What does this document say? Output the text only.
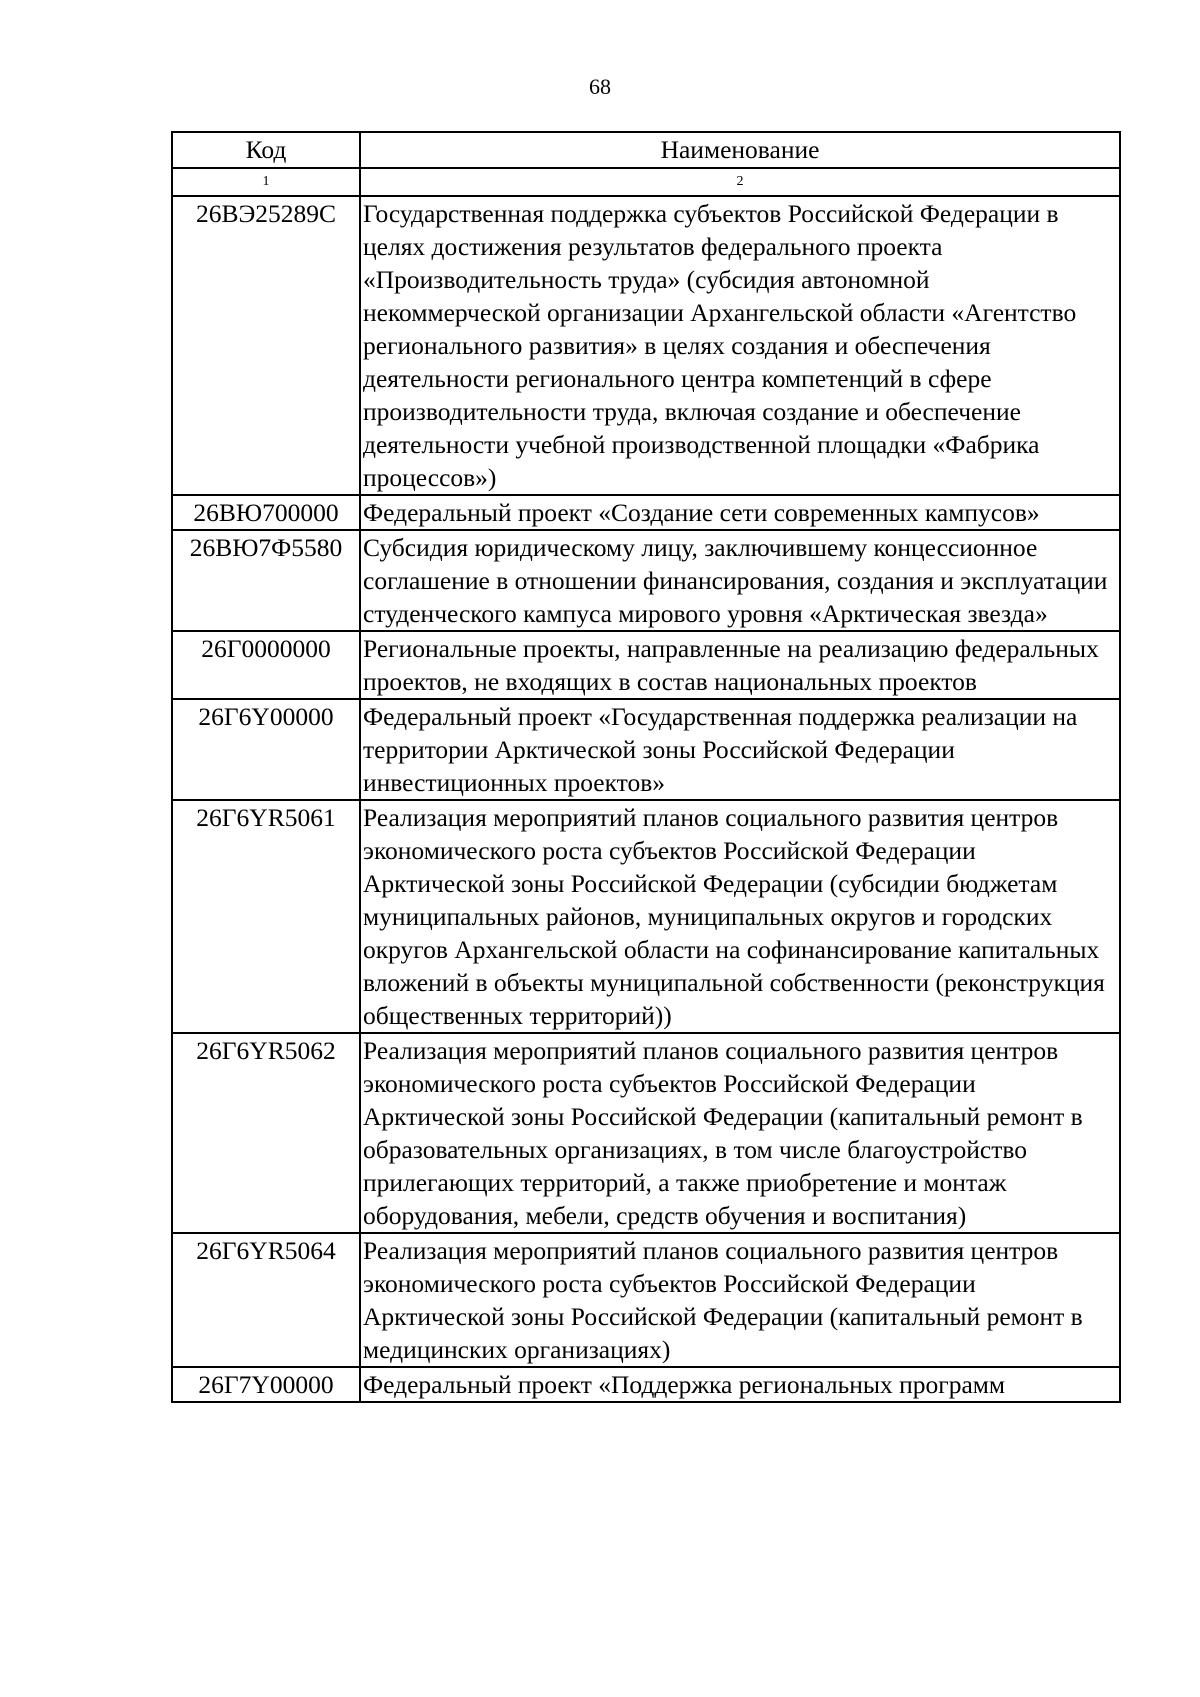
68
Код	Наименование
1	2
26ВЭ25289С	Государственная поддержка субъектов Российской Федерации в целях достижения результатов федерального проекта «Производительность труда» (субсидия автономной некоммерческой организации Архангельской области «Агентство регионального развития» в целях создания и обеспечения деятельности регионального центра компетенций в сфере производительности труда, включая создание и обеспечение деятельности учебной производственной площадки «Фабрика процессов»)
26ВЮ700000	Федеральный проект «Создание сети современных кампусов»
26ВЮ7Ф5580	Субсидия юридическому лицу, заключившему концессионное соглашение в отношении финансирования, создания и эксплуатации студенческого кампуса мирового уровня «Арктическая звезда»
26Г0000000	Региональные проекты, направленные на реализацию федеральных проектов, не входящих в состав национальных проектов
26Г6Y00000	Федеральный проект «Государственная поддержка реализации на территории Арктической зоны Российской Федерации инвестиционных проектов»
26Г6YR5061	Реализация мероприятий планов социального развития центров экономического роста субъектов Российской Федерации Арктической зоны Российской Федерации (субсидии бюджетам муниципальных районов, муниципальных округов и городских округов Архангельской области на софинансирование капитальных вложений в объекты муниципальной собственности (реконструкция общественных территорий))
26Г6YR5062	Реализация мероприятий планов социального развития центров экономического роста субъектов Российской Федерации Арктической зоны Российской Федерации (капитальный ремонт в образовательных организациях, в том числе благоустройство прилегающих территорий, а также приобретение и монтаж оборудования, мебели, средств обучения и воспитания)
26Г6YR5064	Реализация мероприятий планов социального развития центров экономического роста субъектов Российской Федерации Арктической зоны Российской Федерации (капитальный ремонт в медицинских организациях)
26Г7Y00000	Федеральный проект «Поддержка региональных программ
